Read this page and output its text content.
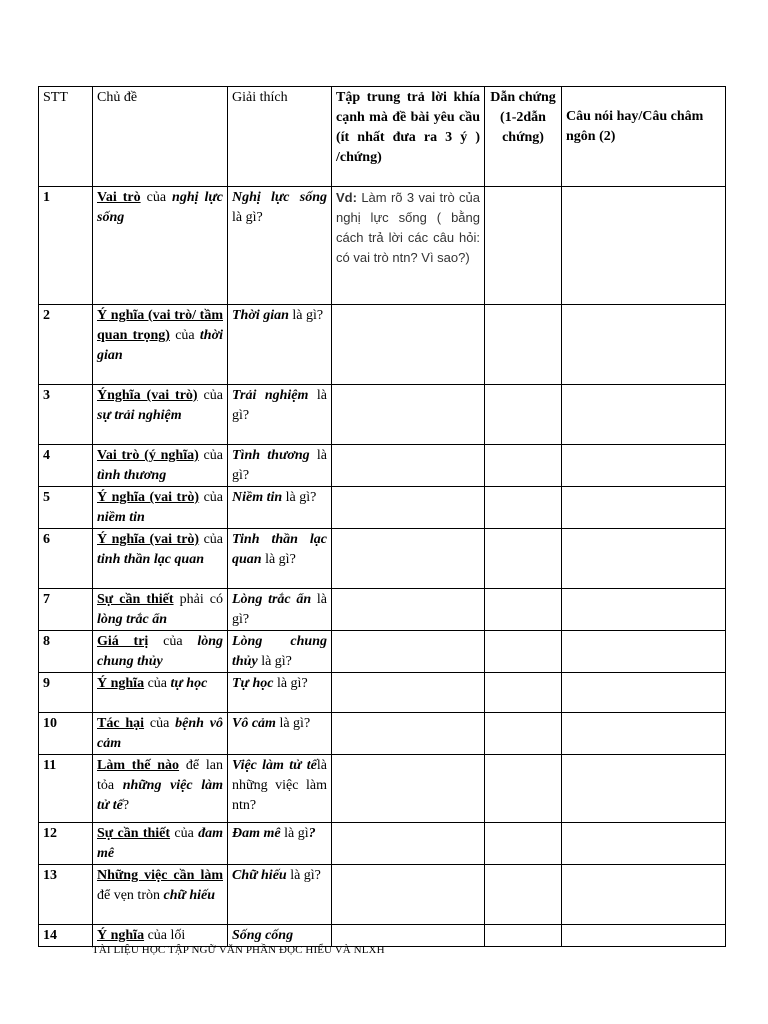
STT	Chủ đề	Giải thích	Tập trung trả lời khía cạnh mà đề bài yêu cầu (ít nhất đưa ra 3 ý ) /chứng)	Dẫn chứng (1-2dẫn chứng)	Câu nói hay/Câu châm ngôn (2)
1	Vai trò của nghị lực sống	Nghị lực sống là gì?	Vd: Làm rõ 3 vai trò của nghị lực sống ( bằng cách trả lời các câu hỏi: có vai trò ntn? Vì sao?)		
2	Ý nghĩa (vai trò/ tầm quan trọng) của thời gian	Thời gian là gì?			
3	Ýnghĩa (vai trò) của sự trải nghiệm	Trải nghiệm là gì?			
4	Vai trò (ý nghĩa) của tình thương	Tình thương là gì?			
5	Ý nghĩa (vai trò) của niềm tin	Niềm tin là gì?			
6	Ý nghĩa (vai trò) của tinh thần lạc quan	Tinh thần lạc quan là gì?			
7	Sự cần thiết phải có lòng trắc ẩn	Lòng trắc ẩn là gì?			
8	Giá trị của lòng chung thủy	Lòng chung thủy là gì?			
9	Ý nghĩa của tự học	Tự học là gì?			
10	Tác hại của bệnh vô cảm	Vô cảm là gì?			
11	Làm thế nào để lan tỏa những việc làm tử tế?	Việc làm tử tếlà những việc làm ntn?			
12	Sự cần thiết của đam mê	Đam mê là gì?			
13	Những việc cần làm để vẹn tròn chữ hiếu	Chữ hiếu là gì?			
14	Ý nghĩa của lối	Sống cống			
TÀI LIỆU HỌC TẬP NGỮ VĂN PHẦN ĐỌC HIỂU VÀ NLXH
